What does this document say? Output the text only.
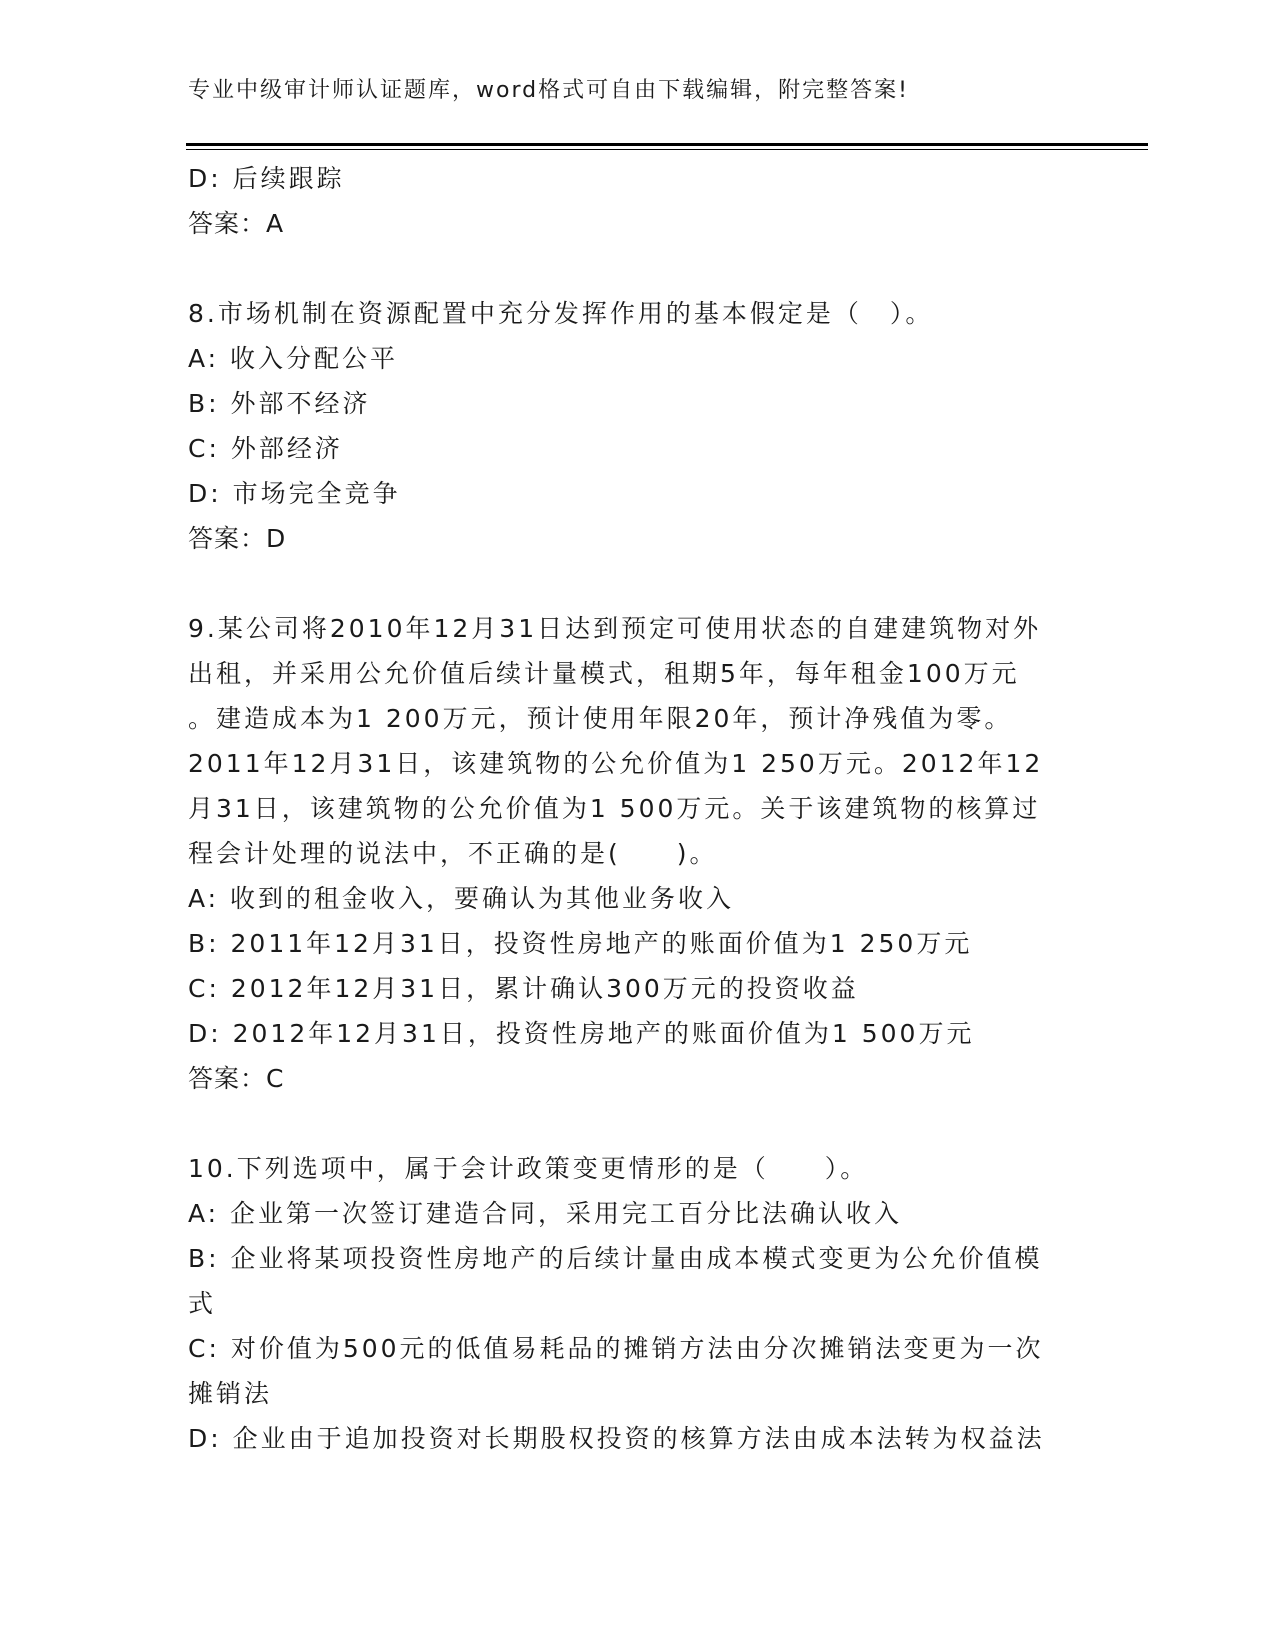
专业中级审计师认证题库，word格式可自由下载编辑，附完整答案!
D: 后续跟踪
答案：A
8.市场机制在资源配置中充分发挥作用的基本假定是（　）。
A: 收入分配公平
B: 外部不经济
C: 外部经济
D: 市场完全竞争
答案：D
9.某公司将2010年12月31日达到预定可使用状态的自建建筑物对外
出租，并采用公允价值后续计量模式，租期5年，每年租金100万元
。建造成本为1 200万元，预计使用年限20年，预计净残值为零。
2011年12月31日，该建筑物的公允价值为1 250万元。2012年12
月31日，该建筑物的公允价值为1 500万元。关于该建筑物的核算过
程会计处理的说法中，不正确的是(　　)。
A: 收到的租金收入，要确认为其他业务收入
B: 2011年12月31日，投资性房地产的账面价值为1 250万元
C: 2012年12月31日，累计确认300万元的投资收益
D: 2012年12月31日，投资性房地产的账面价值为1 500万元
答案：C
10.下列选项中，属于会计政策变更情形的是（　　）。
A: 企业第一次签订建造合同，采用完工百分比法确认收入
B: 企业将某项投资性房地产的后续计量由成本模式变更为公允价值模
式
C: 对价值为500元的低值易耗品的摊销方法由分次摊销法变更为一次
摊销法
D: 企业由于追加投资对长期股权投资的核算方法由成本法转为权益法
